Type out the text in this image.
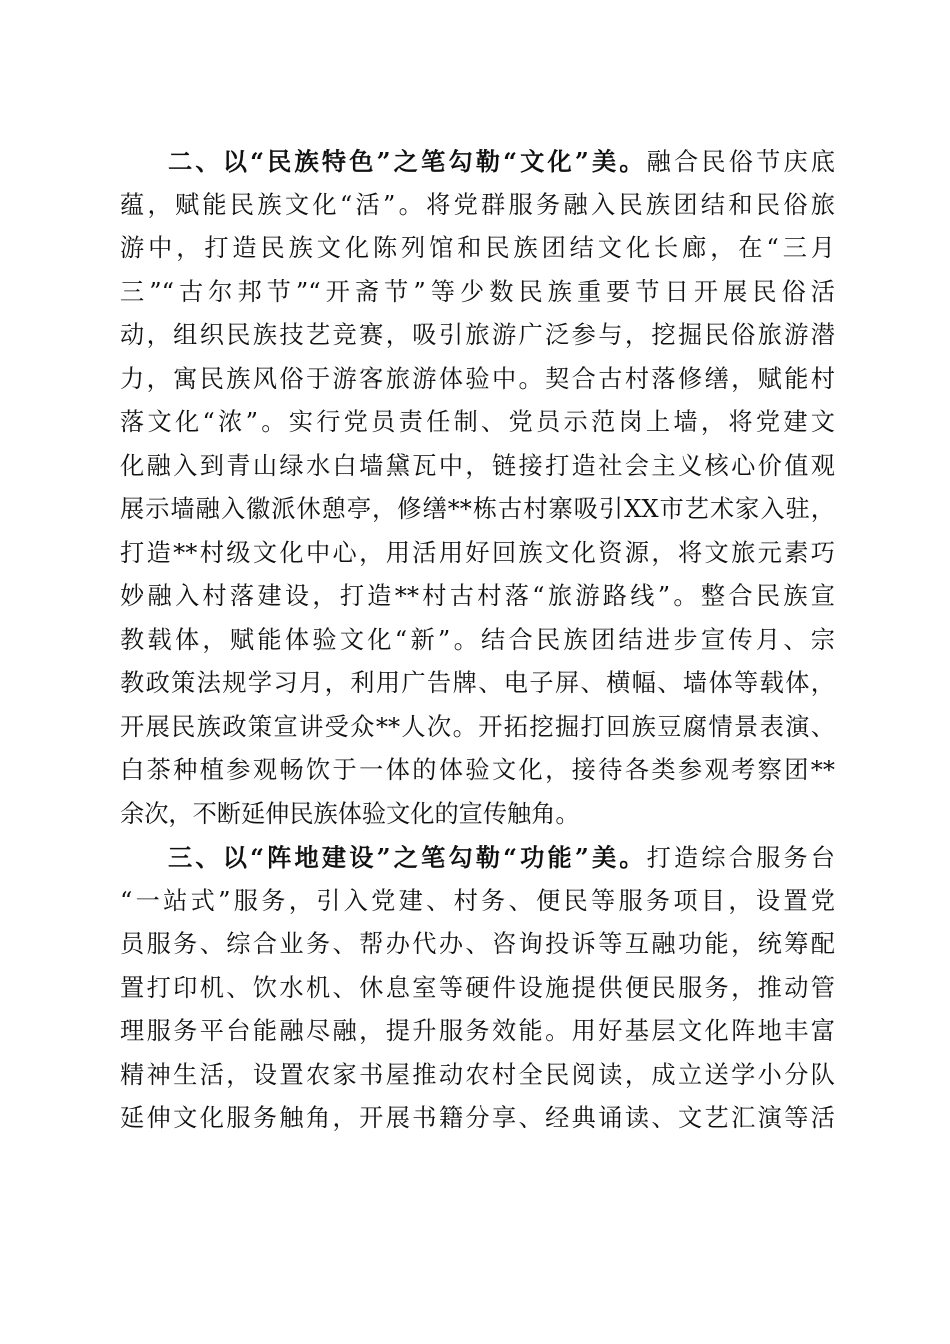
二、以“民族特色”之笔勾勒“文化”美。融合民俗节庆底
蕴，赋能民族文化“活”。将党群服务融入民族团结和民俗旅
游中，打造民族文化陈列馆和民族团结文化长廊，在“三月
三”“古尔邦节”“开斋节”等少数民族重要节日开展民俗活
动，组织民族技艺竞赛，吸引旅游广泛参与，挖掘民俗旅游潜
力，寓民族风俗于游客旅游体验中。契合古村落修缮，赋能村
落文化“浓”。实行党员责任制、党员示范岗上墙，将党建文
化融入到青山绿水白墙黛瓦中，链接打造社会主义核心价值观
展示墙融入徽派休憩亭，修缮**栋古村寨吸引XX市艺术家入驻，
打造**村级文化中心，用活用好回族文化资源，将文旅元素巧
妙融入村落建设，打造**村古村落“旅游路线”。整合民族宣
教载体，赋能体验文化“新”。结合民族团结进步宣传月、宗
教政策法规学习月，利用广告牌、电子屏、横幅、墙体等载体，
开展民族政策宣讲受众**人次。开拓挖掘打回族豆腐情景表演、
白茶种植参观畅饮于一体的体验文化，接待各类参观考察团**
余次，不断延伸民族体验文化的宣传触角。
三、以“阵地建设”之笔勾勒“功能”美。打造综合服务台
“一站式”服务，引入党建、村务、便民等服务项目，设置党
员服务、综合业务、帮办代办、咨询投诉等互融功能，统筹配
置打印机、饮水机、休息室等硬件设施提供便民服务，推动管
理服务平台能融尽融，提升服务效能。用好基层文化阵地丰富
精神生活，设置农家书屋推动农村全民阅读，成立送学小分队
延伸文化服务触角，开展书籍分享、经典诵读、文艺汇演等活
